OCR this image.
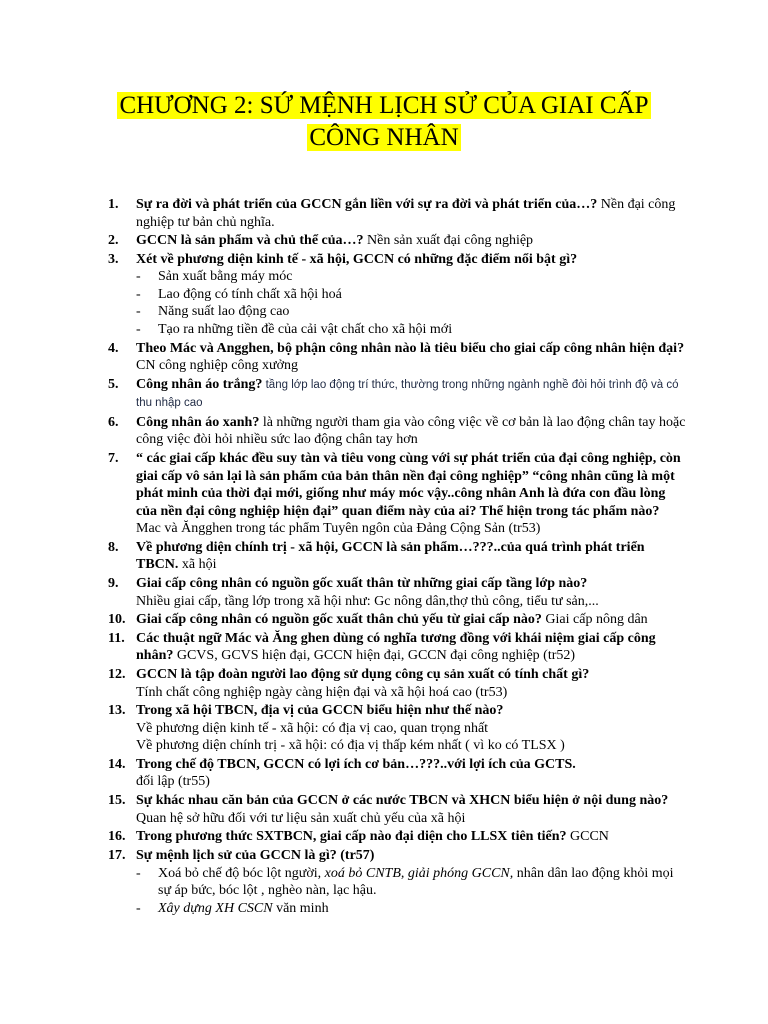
CHƯƠNG 2: SỨ MỆNH LỊCH SỬ CỦA GIAI CẤP
CÔNG NHÂN
1. Sự ra đời và phát triển của GCCN gắn liền với sự ra đời và phát triển của…? Nền đại công nghiệp tư bản chủ nghĩa.
2. GCCN là sản phẩm và chủ thể của…? Nền sản xuất đại công nghiệp
3. Xét về phương diện kinh tế - xã hội, GCCN có những đặc điểm nổi bật gì?
- Sản xuất bằng máy móc
- Lao động có tính chất xã hội hoá
- Năng suất lao động cao
- Tạo ra những tiền đề của cải vật chất cho xã hội mới
4. Theo Mác và Angghen, bộ phận công nhân nào là tiêu biểu cho giai cấp công nhân hiện đại? CN công nghiệp công xưởng
5. Công nhân áo trắng? tầng lớp lao động trí thức, thường trong những ngành nghề đòi hỏi trình độ và có thu nhập cao
6. Công nhân áo xanh? là những người tham gia vào công việc về cơ bản là lao động chân tay hoặc công việc đòi hỏi nhiều sức lao động chân tay hơn
7. “ các giai cấp khác đều suy tàn và tiêu vong cùng với sự phát triển của đại công nghiệp, còn giai cấp vô sản lại là sản phẩm của bản thân nền đại công nghiệp” “công nhân cũng là một phát minh của thời đại mới, giống như máy móc vậy..công nhân Anh là đứa con đầu lòng của nền đại công nghiệp hiện đại” quan điểm này của ai? Thể hiện trong tác phẩm nào?
Mac và Ăngghen trong tác phẩm Tuyên ngôn của Đảng Cộng Sản (tr53)
8. Về phương diện chính trị - xã hội, GCCN là sản phẩm…???..của quá trình phát triển TBCN. xã hội
9. Giai cấp công nhân có nguồn gốc xuất thân từ những giai cấp tầng lớp nào?
Nhiều giai cấp, tầng lớp trong xã hội như: Gc nông dân,thợ thủ công, tiểu tư sản,...
10. Giai cấp công nhân có nguồn gốc xuất thân chủ yếu từ giai cấp nào? Giai cấp nông dân
11. Các thuật ngữ Mác và Ăng ghen dùng có nghĩa tương đồng với khái niệm giai cấp công nhân? GCVS, GCVS hiện đại, GCCN hiện đại, GCCN đại công nghiệp (tr52)
12. GCCN là tập đoàn người lao động sử dụng công cụ sản xuất có tính chất gì?
Tính chất công nghiệp ngày càng hiện đại và xã hội hoá cao (tr53)
13. Trong xã hội TBCN, địa vị của GCCN biểu hiện như thế nào?
Về phương diện kinh tế - xã hội: có địa vị cao, quan trọng nhất
Về phương diện chính trị - xã hội: có địa vị thấp kém nhất ( vì ko có TLSX )
14. Trong chế độ TBCN, GCCN có lợi ích cơ bản…???..với lợi ích của GCTS.
đối lập (tr55)
15. Sự khác nhau căn bản của GCCN ở các nước TBCN và XHCN biểu hiện ở nội dung nào?
Quan hệ sở hữu đối với tư liệu sản xuất chủ yếu của xã hội
16. Trong phương thức SXTBCN, giai cấp nào đại diện cho LLSX tiên tiến? GCCN
17. Sự mệnh lịch sử của GCCN là gì? (tr57)
- Xoá bỏ chế độ bóc lột người, xoá bỏ CNTB, giải phóng GCCN, nhân dân lao động khỏi mọi sự áp bức, bóc lột , nghèo nàn, lạc hậu.
- Xây dựng XH CSCN văn minh
